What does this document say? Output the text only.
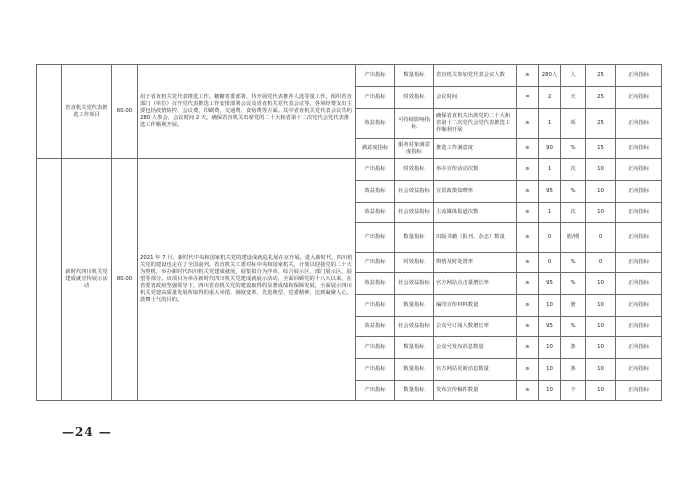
	省直机关党代表推选工作项目	60.00	用于省直机关党代表推选工作。糖糖省委部署，待开展党代表推荐人选等量工作。组织省直部门（单位）召开党代表推选工作安排部署会议及省直机关党代表会议等。各项经费支出主要包括疫情防控、会议费、印刷费、交通费、食宿费等方面。其中省直机关党代表会议共约 280 人参会，会议时间 2 天。确保省直机关出席党的二十大和省第十二次党代会党代表推选工作顺利开展。	产出指标	数量指标	省直机关参加党代表会议人数	≥	280人	人	25	正向指标
				产出指标	时效指标	会议时间	=	2	天	25	正向指标
				效益指标	可持续影响指标	确保省直机关出席党的二十大和省第十二次党代会党代表推选工作顺利开展	≥	1	项	25	正向指标
				满意度指标	服务对象满意度指标	推选工作满意度	≥	90	%	15	正向指标
	新时代四川机关党建成就宣传展示活动	80.00	2021 年 7 月，新时代中央和国家机关党的建设成就巡礼展在京开展。进入新时代，四川机关党的建设也走在了全国前列。省直机关工委对标中央和国家机关，计划以迎接党的二十大为契机，举办新时代四川机关党建成就展，展览拟分为序章、综合展示区、部门展示区、展望等部分。该项目为举办新时代四川机关党建成就展示活动，全面回顾党的十八大以来，在省委省政府坚强领导下，四川省直机关党的建设取得的显著成绩和保障发展，全面展示四川机关党建高质量发展所取得的重大举措、制度变革、先进典型、党委精神，达到凝聚人心，鼓舞士气的目的。	产出指标	时效指标	举办宣传活动次数	≥	1	次	10	正向指标
				效益指标	社会效益指标	宣贯政策知晓率	≥	95	%	10	正向指标
				效益指标	社会效益指标	主流媒体报道次数	≥	1	次	10	正向指标
				产出指标	数量指标	出版书籍（报刊、杂志）数量	≥	0	册/期	0	正向指标
				产出指标	时效指标	舆情及时处置率	≥	0	%	0	正向指标
				效益指标	社会效益指标	官方网站点击量增长率	≥	95	%	10	正向指标
				产出指标	数量指标	编印宣传材料数量	≥	10	册	10	正向指标
				效益指标	社会效益指标	公众号订阅人数增长率	≥	95	%	10	正向指标
				产出指标	数量指标	公众号发布消息数量	≥	10	条	10	正向指标
				产出指标	数量指标	官方网站更新消息数量	≥	10	条	10	正向指标
				产出指标	数量指标	发布宣传稿件数量	≥	10	个	10	正向指标
—24 —
